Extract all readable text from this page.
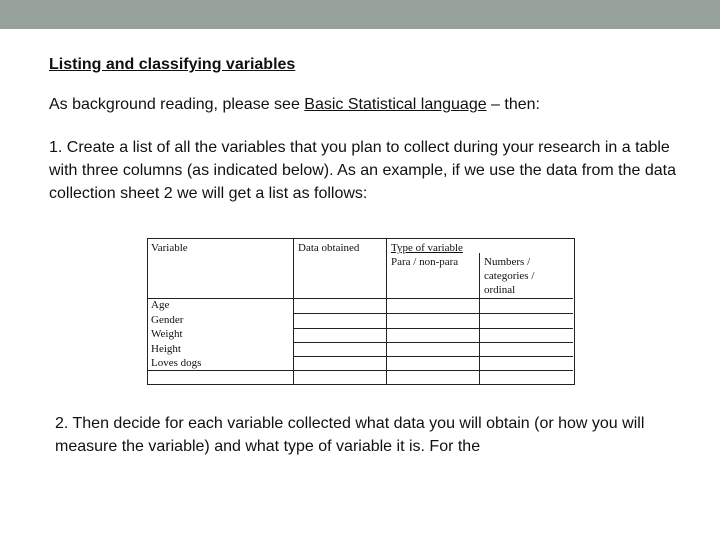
Listing and classifying variables
As background reading, please see Basic Statistical language – then:
1. Create a list of all the variables that you plan to collect during your research in a table with three columns (as indicated below). As an example, if we use the data from the data collection sheet 2 we will get a list as follows:
Variable	Data obtained	Type of variable
Para / non-para Numbers /
categories /
ordinal
Age
Gender
Weight
Height
Loves dogs
2. Then decide for each variable collected what data you will obtain (or how you will measure the variable) and what type of variable it is. For the
